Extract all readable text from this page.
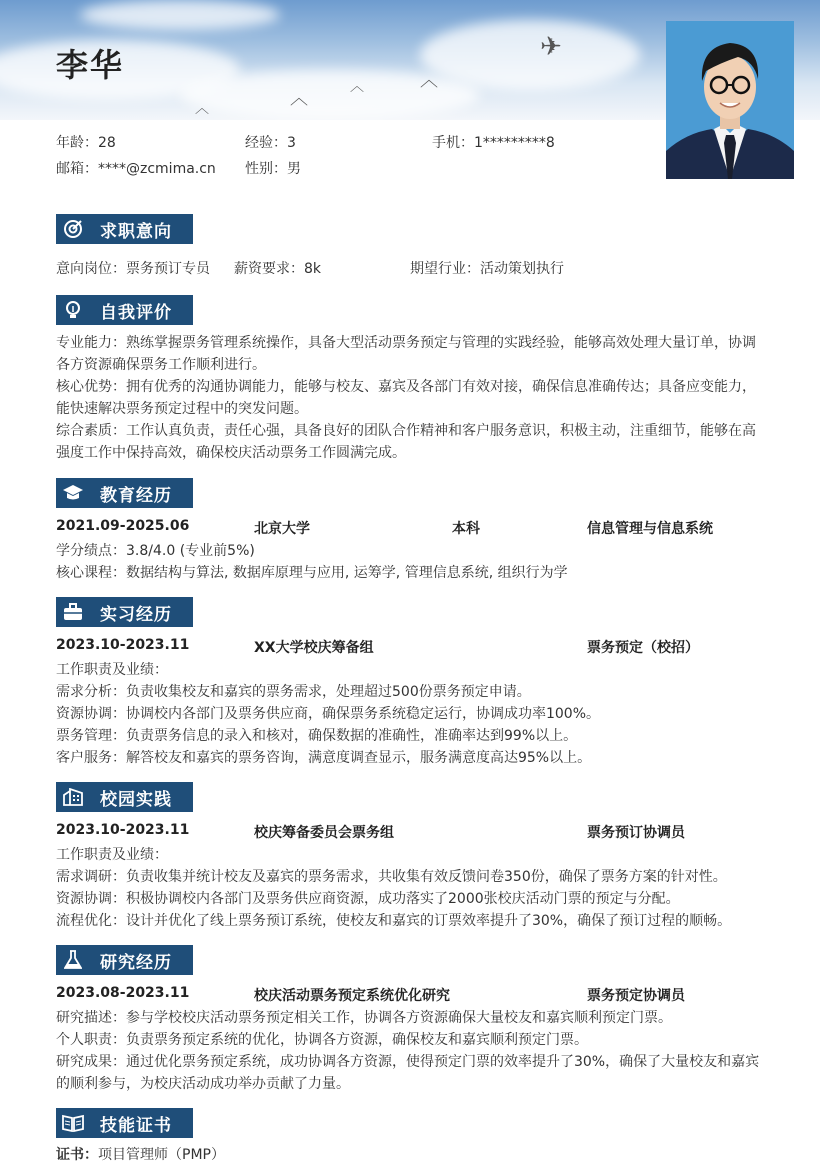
✈
︿
︿
︿
︿
李华
年龄：28	经验：3	手机：1*********8
邮箱：****@zcmima.cn 性别：男
求职意向
意向岗位：票务预订专员 薪资要求：8k	期望行业：活动策划执行
自我评价
专业能力：熟练掌握票务管理系统操作，具备大型活动票务预定与管理的实践经验，能够高效处理大量订单，协调
各方资源确保票务工作顺利进行。
核心优势：拥有优秀的沟通协调能力，能够与校友、嘉宾及各部门有效对接，确保信息准确传达；具备应变能力，
能快速解决票务预定过程中的突发问题。
综合素质：工作认真负责，责任心强，具备良好的团队合作精神和客户服务意识，积极主动，注重细节，能够在高
强度工作中保持高效，确保校庆活动票务工作圆满完成。
教育经历
2021.09-2025.06	北京大学	本科	信息管理与信息系统
学分绩点：3.8/4.0 (专业前5%)
核心课程：数据结构与算法, 数据库原理与应用, 运筹学, 管理信息系统, 组织行为学
实习经历
2023.10-2023.11	XX大学校庆筹备组	票务预定（校招）
工作职责及业绩：
需求分析：负责收集校友和嘉宾的票务需求，处理超过500份票务预定申请。
资源协调：协调校内各部门及票务供应商，确保票务系统稳定运行，协调成功率100%。
票务管理：负责票务信息的录入和核对，确保数据的准确性，准确率达到99%以上。
客户服务：解答校友和嘉宾的票务咨询，满意度调查显示，服务满意度高达95%以上。
校园实践
2023.10-2023.11	校庆筹备委员会票务组	票务预订协调员
工作职责及业绩：
需求调研：负责收集并统计校友及嘉宾的票务需求，共收集有效反馈问卷350份，确保了票务方案的针对性。
资源协调：积极协调校内各部门及票务供应商资源，成功落实了2000张校庆活动门票的预定与分配。
流程优化：设计并优化了线上票务预订系统，使校友和嘉宾的订票效率提升了30%，确保了预订过程的顺畅。
研究经历
2023.08-2023.11	校庆活动票务预定系统优化研究	票务预定协调员
研究描述：参与学校校庆活动票务预定相关工作，协调各方资源确保大量校友和嘉宾顺利预定门票。
个人职责：负责票务预定系统的优化，协调各方资源，确保校友和嘉宾顺利预定门票。
研究成果：通过优化票务预定系统，成功协调各方资源，使得预定门票的效率提升了30%，确保了大量校友和嘉宾
的顺利参与，为校庆活动成功举办贡献了力量。
技能证书
证书：项目管理师（PMP）
